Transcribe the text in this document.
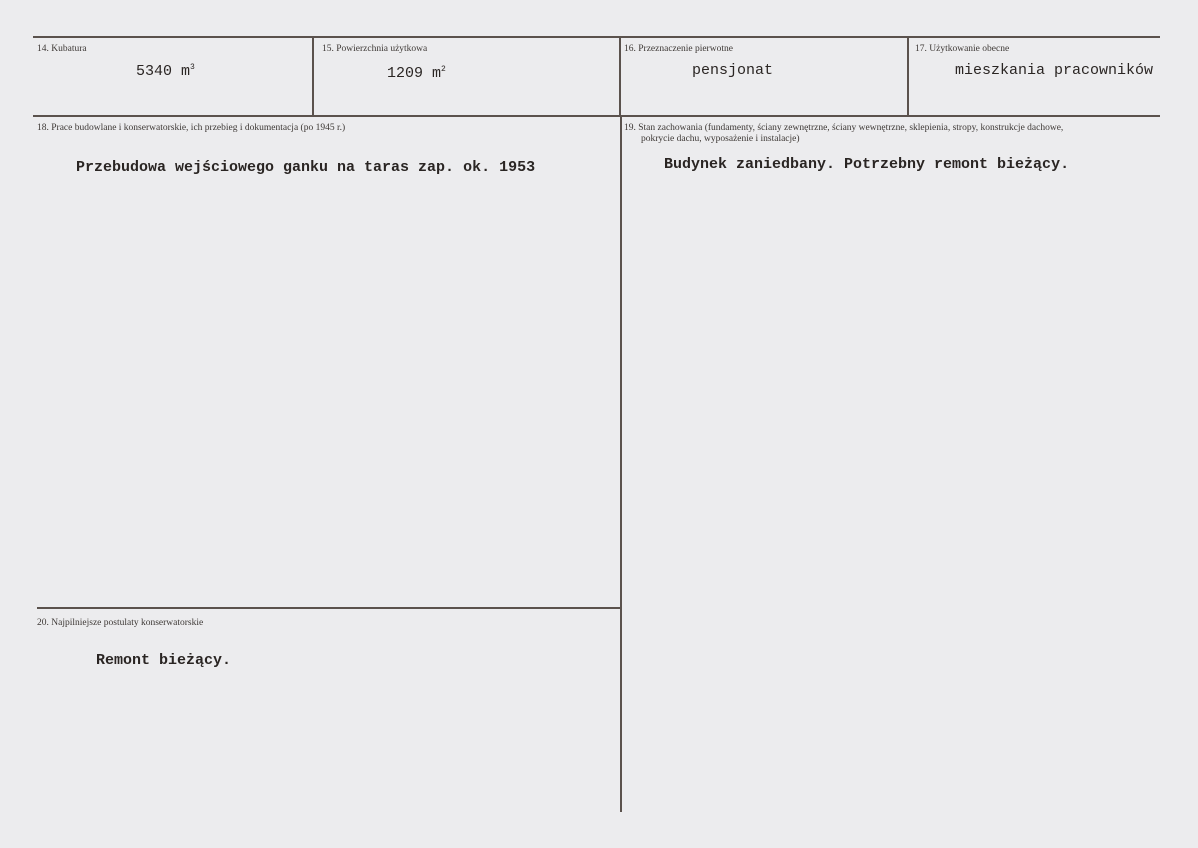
14. Kubatura
5340 $m^3$
15. Powierzchnia użytkowa
1209 $m^2$
16. Przeznaczenie pierwotne
pensjonat
17. Użytkowanie obecne
mieszkania pracowników
18. Prace budowlane i konserwatorskie, ich przebieg i dokumentacja (po 1945 r.)
Przebudowa wejściowego ganku na taras zap. ok. 1953
19. Stan zachowania (fundamenty, ściany zewnętrzne, ściany wewnętrzne, sklepienia, stropy, konstrukcje dachowe,
pokrycie dachu, wyposażenie i instalacje)
Budynek zaniedbany. Potrzebny remont bieżący.
20. Najpilniejsze postulaty konserwatorskie
Remont bieżący.
